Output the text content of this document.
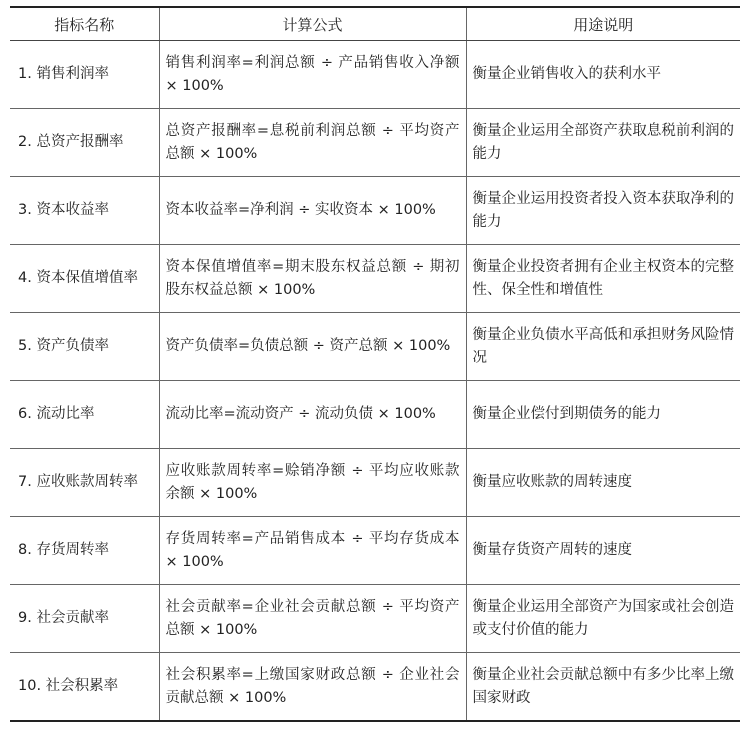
指标名称	计算公式	用途说明
1. 销售利润率	销售利润率=利润总额 ÷ 产品销售收入净额 × 100%	衡量企业销售收入的获利水平
2. 总资产报酬率	总资产报酬率=息税前利润总额 ÷ 平均资产总额 × 100%	衡量企业运用全部资产获取息税前利润的能力
3. 资本收益率	资本收益率=净利润 ÷ 实收资本 × 100%	衡量企业运用投资者投入资本获取净利的能力
4. 资本保值增值率	资本保值增值率=期末股东权益总额 ÷ 期初股东权益总额 × 100%	衡量企业投资者拥有企业主权资本的完整性、保全性和增值性
5. 资产负债率	资产负债率=负债总额 ÷ 资产总额 × 100%	衡量企业负债水平高低和承担财务风险情况
6. 流动比率	流动比率=流动资产 ÷ 流动负债 × 100%	衡量企业偿付到期债务的能力
7. 应收账款周转率	应收账款周转率=赊销净额 ÷ 平均应收账款余额 × 100%	衡量应收账款的周转速度
8. 存货周转率	存货周转率=产品销售成本 ÷ 平均存货成本 × 100%	衡量存货资产周转的速度
9. 社会贡献率	社会贡献率=企业社会贡献总额 ÷ 平均资产总额 × 100%	衡量企业运用全部资产为国家或社会创造或支付价值的能力
10. 社会积累率	社会积累率=上缴国家财政总额 ÷ 企业社会贡献总额 × 100%	衡量企业社会贡献总额中有多少比率上缴国家财政
